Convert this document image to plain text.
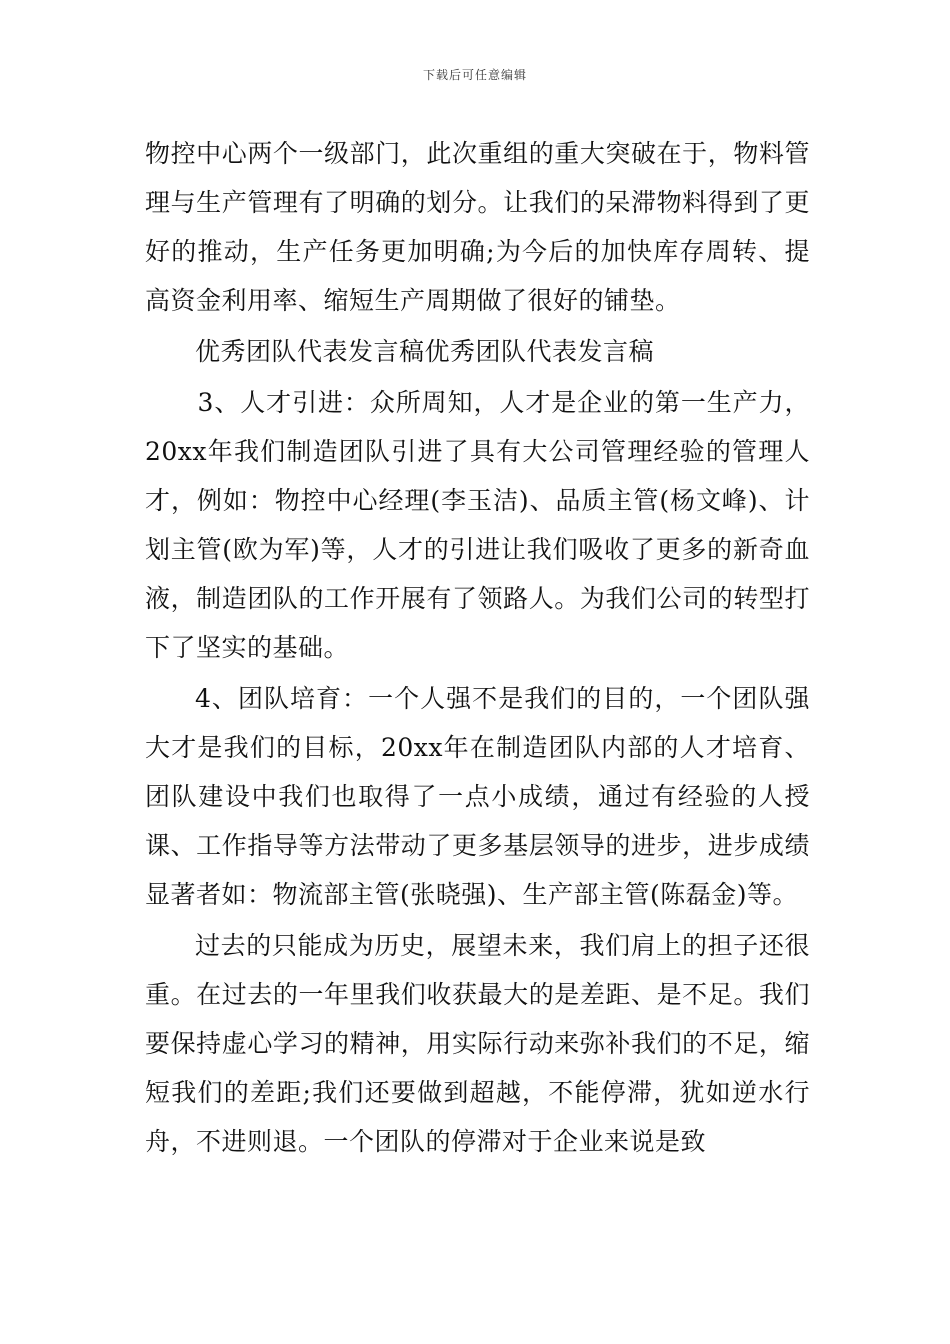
下载后可任意编辑

物控中心两个一级部门，此次重组的重大突破在于，物料管理与生产管理有了明确的划分。让我们的呆滞物料得到了更好的推动，生产任务更加明确;为今后的加快库存周转、提高资金利用率、缩短生产周期做了很好的铺垫。

优秀团队代表发言稿优秀团队代表发言稿

3、人才引进：众所周知，人才是企业的第一生产力，20xx年我们制造团队引进了具有大公司管理经验的管理人才，例如：物控中心经理(李玉洁)、品质主管(杨文峰)、计划主管(欧为军)等，人才的引进让我们吸收了更多的新奇血液，制造团队的工作开展有了领路人。为我们公司的转型打下了坚实的基础。

4、团队培育：一个人强不是我们的目的，一个团队强大才是我们的目标，20xx年在制造团队内部的人才培育、团队建设中我们也取得了一点小成绩，通过有经验的人授课、工作指导等方法带动了更多基层领导的进步，进步成绩显著者如：物流部主管(张晓强)、生产部主管(陈磊金)等。

过去的只能成为历史，展望未来，我们肩上的担子还很重。在过去的一年里我们收获最大的是差距、是不足。我们要保持虚心学习的精神，用实际行动来弥补我们的不足，缩短我们的差距;我们还要做到超越，不能停滞，犹如逆水行舟，不进则退。一个团队的停滞对于企业来说是致
